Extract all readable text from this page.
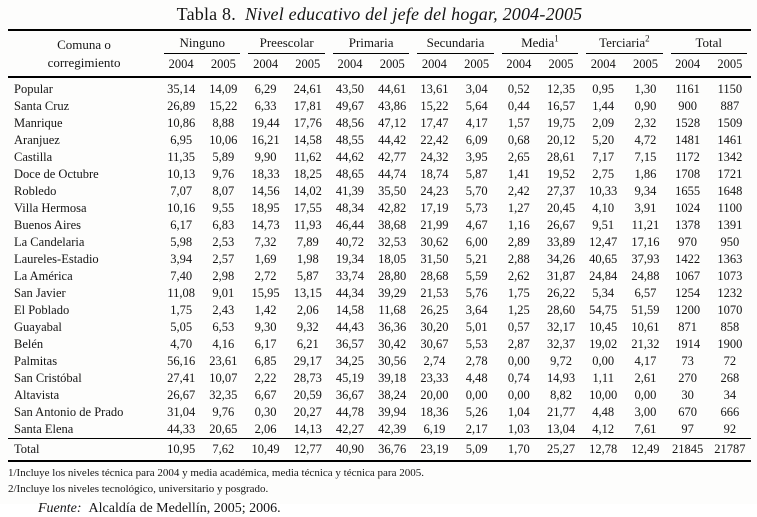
Tabla 8. Nivel educativo del jefe del hogar, 2004-2005
Comuna o
corregimiento	Ninguno		Preescolar		Primaria		Secundaria		Media$^1$		Terciaria$^2$		Total	

	2004	2005	2004	2005	2004	2005	2004	2005	2004	2005	2004	2005	2004	2005
Popular	35,14	14,09	6,29	24,61	43,50	44,61	13,61	3,04	0,52	12,35	0,95	1,30	1161	1150
Santa Cruz	26,89	15,22	6,33	17,81	49,67	43,86	15,22	5,64	0,44	16,57	1,44	0,90	900	887
Manrique	10,86	8,88	19,44	17,76	48,56	47,12	17,47	4,17	1,57	19,75	2,09	2,32	1528	1509
Aranjuez	6,95	10,06	16,21	14,58	48,55	44,42	22,42	6,09	0,68	20,12	5,20	4,72	1481	1461
Castilla	11,35	5,89	9,90	11,62	44,62	42,77	24,32	3,95	2,65	28,61	7,17	7,15	1172	1342
Doce de Octubre	10,13	9,76	18,33	18,25	48,65	44,74	18,74	5,87	1,41	19,52	2,75	1,86	1708	1721
Robledo	7,07	8,07	14,56	14,02	41,39	35,50	24,23	5,70	2,42	27,37	10,33	9,34	1655	1648
Villa Hermosa	10,16	9,55	18,95	17,55	48,34	42,82	17,19	5,73	1,27	20,45	4,10	3,91	1024	1100
Buenos Aires	6,17	6,83	14,73	11,93	46,44	38,68	21,99	4,67	1,16	26,67	9,51	11,21	1378	1391
La Candelaria	5,98	2,53	7,32	7,89	40,72	32,53	30,62	6,00	2,89	33,89	12,47	17,16	970	950
Laureles-Estadio	3,94	2,57	1,69	1,98	19,34	18,05	31,50	5,21	2,88	34,26	40,65	37,93	1422	1363
La América	7,40	2,98	2,72	5,87	33,74	28,80	28,68	5,59	2,62	31,87	24,84	24,88	1067	1073
San Javier	11,08	9,01	15,95	13,15	44,34	39,29	21,53	5,76	1,75	26,22	5,34	6,57	1254	1232
El Poblado	1,75	2,43	1,42	2,06	14,58	11,68	26,25	3,64	1,25	28,60	54,75	51,59	1200	1070
Guayabal	5,05	6,53	9,30	9,32	44,43	36,36	30,20	5,01	0,57	32,17	10,45	10,61	871	858
Belén	4,70	4,16	6,17	6,21	36,57	30,42	30,67	5,53	2,87	32,37	19,02	21,32	1914	1900
Palmitas	56,16	23,61	6,85	29,17	34,25	30,56	2,74	2,78	0,00	9,72	0,00	4,17	73	72
San Cristóbal	27,41	10,07	2,22	28,73	45,19	39,18	23,33	4,48	0,74	14,93	1,11	2,61	270	268
Altavista	26,67	32,35	6,67	20,59	36,67	38,24	20,00	0,00	0,00	8,82	10,00	0,00	30	34
San Antonio de Prado	31,04	9,76	0,30	20,27	44,78	39,94	18,36	5,26	1,04	21,77	4,48	3,00	670	666
Santa Elena	44,33	20,65	2,06	14,13	42,27	42,39	6,19	2,17	1,03	13,04	4,12	7,61	97	92
Total	10,95	7,62	10,49	12,77	40,90	36,76	23,19	5,09	1,70	25,27	12,78	12,49	21845	21787
1/Incluye los niveles técnica para 2004 y media académica, media técnica y técnica para 2005.
2/Incluye los niveles tecnológico, universitario y posgrado.
Fuente: Alcaldía de Medellín, 2005; 2006.
